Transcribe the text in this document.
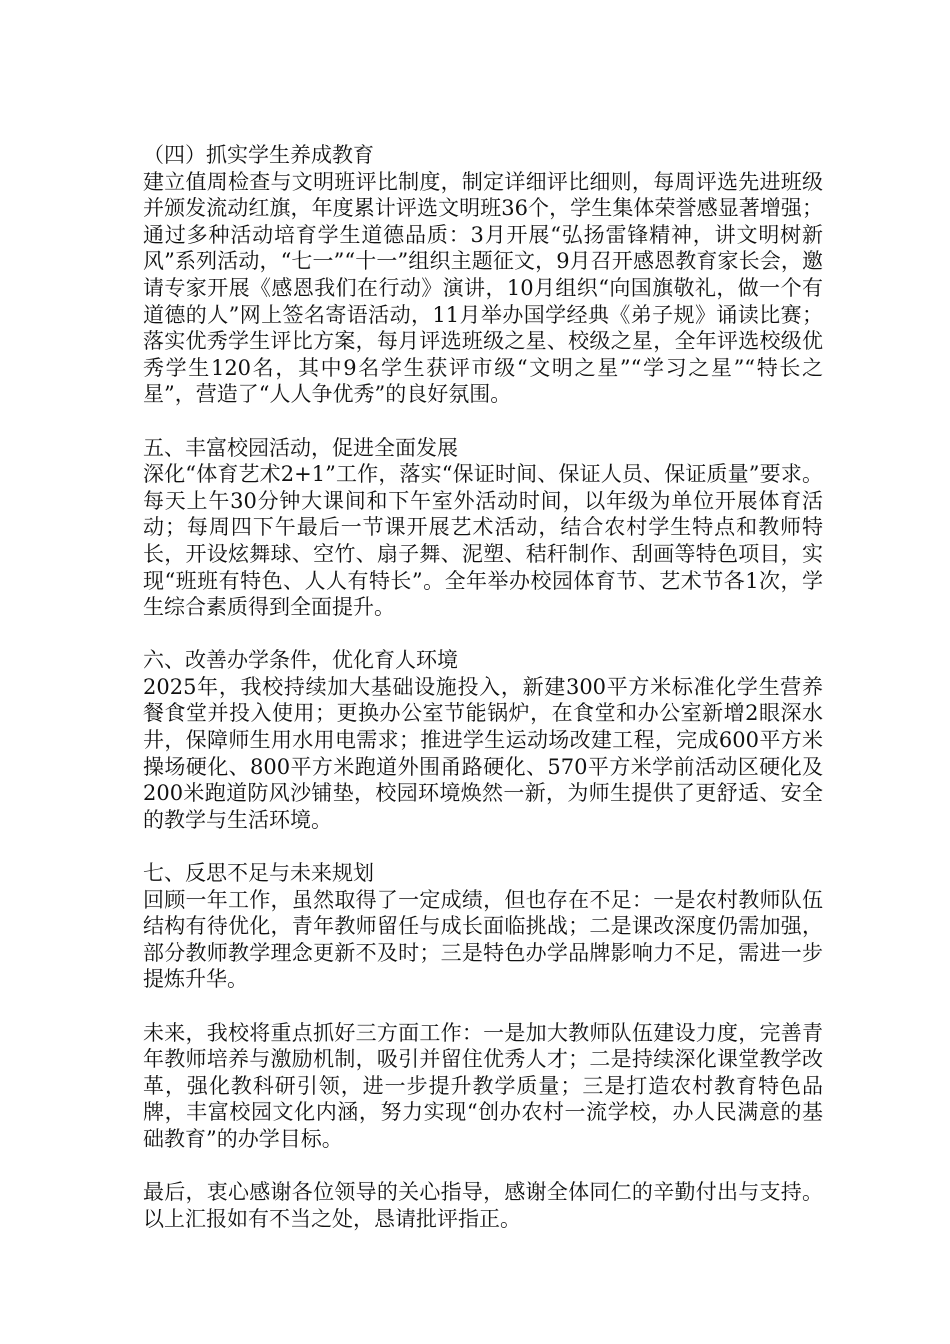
（四）抓实学生养成教育

建立值周检查与文明班评比制度，制定详细评比细则，每周评选先进班级并颁发流动红旗，年度累计评选文明班36个，学生集体荣誉感显著增强；通过多种活动培育学生道德品质：3月开展“弘扬雷锋精神，讲文明树新风”系列活动，“七一”“十一”组织主题征文，9月召开感恩教育家长会，邀请专家开展《感恩我们在行动》演讲，10月组织“向国旗敬礼，做一个有道德的人”网上签名寄语活动，11月举办国学经典《弟子规》诵读比赛；落实优秀学生评比方案，每月评选班级之星、校级之星，全年评选校级优秀学生120名，其中9名学生获评市级“文明之星”“学习之星”“特长之星”，营造了“人人争优秀”的良好氛围。

五、丰富校园活动，促进全面发展

深化“体育艺术2+1”工作，落实“保证时间、保证人员、保证质量”要求。每天上午30分钟大课间和下午室外活动时间，以年级为单位开展体育活动；每周四下午最后一节课开展艺术活动，结合农村学生特点和教师特长，开设炫舞球、空竹、扇子舞、泥塑、秸秆制作、刮画等特色项目，实现“班班有特色、人人有特长”。全年举办校园体育节、艺术节各1次，学生综合素质得到全面提升。

六、改善办学条件，优化育人环境

2025年，我校持续加大基础设施投入，新建300平方米标准化学生营养餐食堂并投入使用；更换办公室节能锅炉，在食堂和办公室新增2眼深水井，保障师生用水用电需求；推进学生运动场改建工程，完成600平方米操场硬化、800平方米跑道外围甬路硬化、570平方米学前活动区硬化及200米跑道防风沙铺垫，校园环境焕然一新，为师生提供了更舒适、安全的教学与生活环境。

七、反思不足与未来规划

回顾一年工作，虽然取得了一定成绩，但也存在不足：一是农村教师队伍结构有待优化，青年教师留任与成长面临挑战；二是课改深度仍需加强，部分教师教学理念更新不及时；三是特色办学品牌影响力不足，需进一步提炼升华。

未来，我校将重点抓好三方面工作：一是加大教师队伍建设力度，完善青年教师培养与激励机制，吸引并留住优秀人才；二是持续深化课堂教学改革，强化教科研引领，进一步提升教学质量；三是打造农村教育特色品牌，丰富校园文化内涵，努力实现“创办农村一流学校，办人民满意的基础教育”的办学目标。

最后，衷心感谢各位领导的关心指导，感谢全体同仁的辛勤付出与支持。以上汇报如有不当之处，恳请批评指正。
